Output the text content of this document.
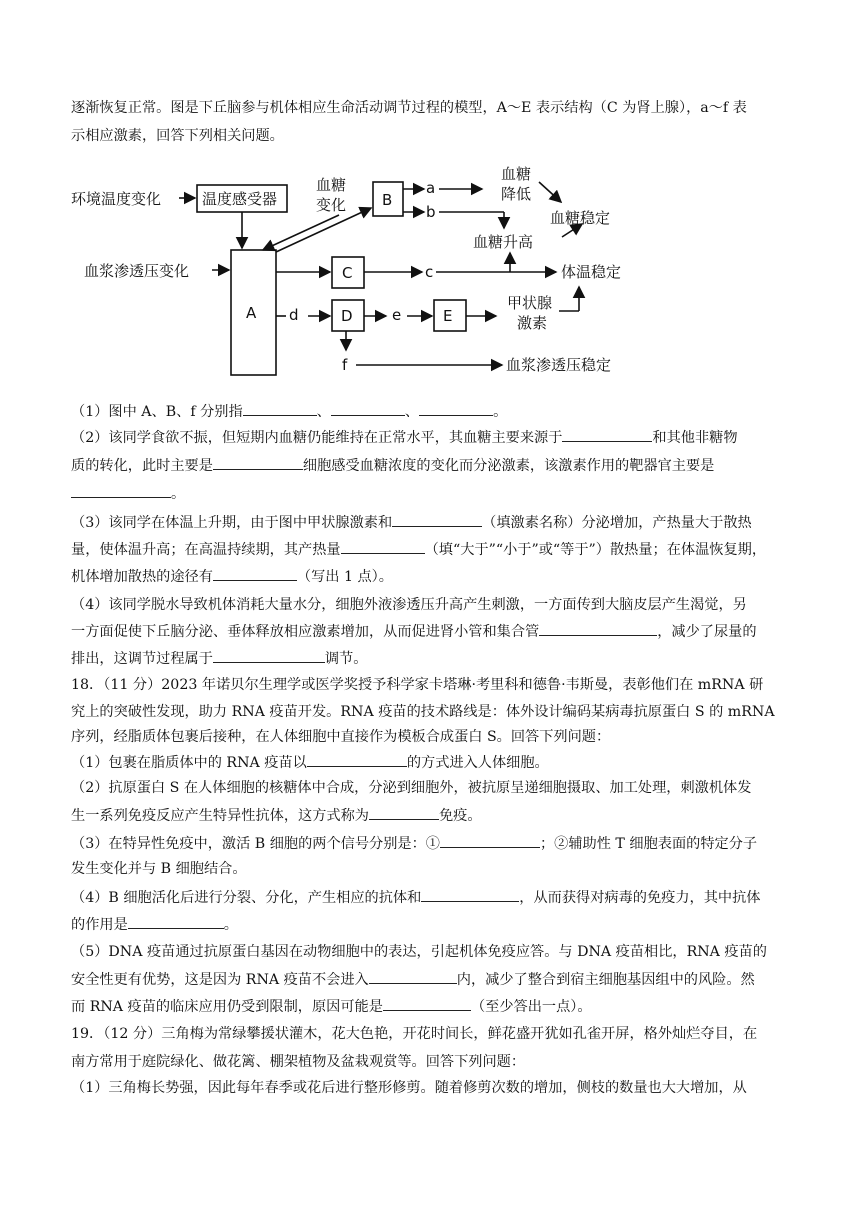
逐渐恢复正常。图是下丘脑参与机体相应生命活动调节过程的模型，A～E 表示结构（C 为肾上腺），a～f 表
示相应激素，回答下列相关问题。
环境温度变化	温度感受器
血糖
变化 B
a
b
血糖
降低
血糖稳定
血糖升高
血浆渗透压变化
A
C	c	体温稳定
d	D	e	E
甲状腺
激素
f	血浆渗透压稳定
（1）图中 A、B、f 分别指	、	、	。
（2）该同学食欲不振，但短期内血糖仍能维持在正常水平，其血糖主要来源于	和其他非糖物
质的转化，此时主要是	细胞感受血糖浓度的变化而分泌激素，该激素作用的靶器官主要是
。
（3）该同学在体温上升期，由于图中甲状腺激素和	（填激素名称）分泌增加，产热量大于散热
量，使体温升高；在高温持续期，其产热量	（填“大于”“小于”或“等于”）散热量；在体温恢复期，
机体增加散热的途径有	（写出 1 点）。
（4）该同学脱水导致机体消耗大量水分，细胞外液渗透压升高产生刺激，一方面传到大脑皮层产生渴觉，另
一方面促使下丘脑分泌、垂体释放相应激素增加，从而促进肾小管和集合管	，减少了尿量的
排出，这调节过程属于	调节。
18．（11 分）2023 年诺贝尔生理学或医学奖授予科学家卡塔琳·考里科和德鲁·韦斯曼，表彰他们在 mRNA 研
究上的突破性发现，助力 RNA 疫苗开发。RNA 疫苗的技术路线是：体外设计编码某病毒抗原蛋白 S 的 mRNA
序列，经脂质体包裹后接种，在人体细胞中直接作为模板合成蛋白 S。回答下列问题：
（1）包裹在脂质体中的 RNA 疫苗以	的方式进入人体细胞。
（2）抗原蛋白 S 在人体细胞的核糖体中合成，分泌到细胞外，被抗原呈递细胞摄取、加工处理，刺激机体发
生一系列免疫反应产生特异性抗体，这方式称为	免疫。
（3）在特异性免疫中，激活 B 细胞的两个信号分别是：①	；②辅助性 T 细胞表面的特定分子
发生变化并与 B 细胞结合。
（4）B 细胞活化后进行分裂、分化，产生相应的抗体和	，从而获得对病毒的免疫力，其中抗体
的作用是	。
（5）DNA 疫苗通过抗原蛋白基因在动物细胞中的表达，引起机体免疫应答。与 DNA 疫苗相比，RNA 疫苗的
安全性更有优势，这是因为 RNA 疫苗不会进入	内，减少了整合到宿主细胞基因组中的风险。然
而 RNA 疫苗的临床应用仍受到限制，原因可能是	（至少答出一点）。
19．（12 分）三角梅为常绿攀援状灌木，花大色艳，开花时间长，鲜花盛开犹如孔雀开屏，格外灿烂夺目，在
南方常用于庭院绿化、做花篱、棚架植物及盆栽观赏等。回答下列问题：
（1）三角梅长势强，因此每年春季或花后进行整形修剪。随着修剪次数的增加，侧枝的数量也大大增加，从
